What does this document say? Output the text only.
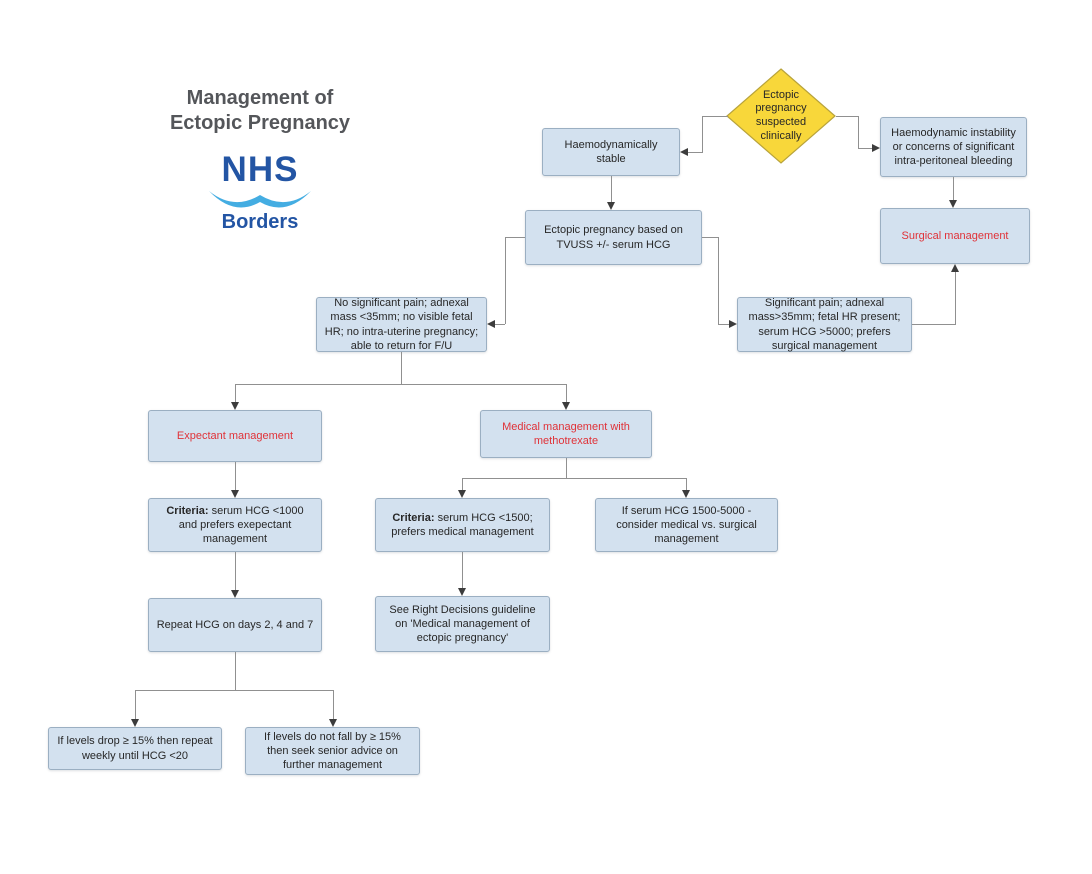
Management of
Ectopic Pregnancy
NHS
Borders
Ectopic pregnancy suspected clinically
Haemodynamically stable
Haemodynamic instability or concerns of significant intra-peritoneal bleeding
Surgical management
Ectopic pregnancy based on TVUSS +/- serum HCG
No significant pain; adnexal mass <35mm; no visible fetal HR; no intra-uterine pregnancy; able to return for F/U
Significant pain; adnexal mass>35mm; fetal HR present; serum HCG >5000; prefers surgical management
Expectant management
Medical management with methotrexate
Criteria: serum HCG <1000 and prefers exepectant management
Criteria: serum HCG <1500; prefers medical management
If serum HCG 1500-5000 - consider medical vs. surgical management
Repeat HCG on days 2, 4 and 7
See Right Decisions guideline on 'Medical management of ectopic pregnancy'
If levels drop ≥ 15% then repeat weekly until HCG <20
If levels do not fall by ≥ 15% then seek senior advice on further management
